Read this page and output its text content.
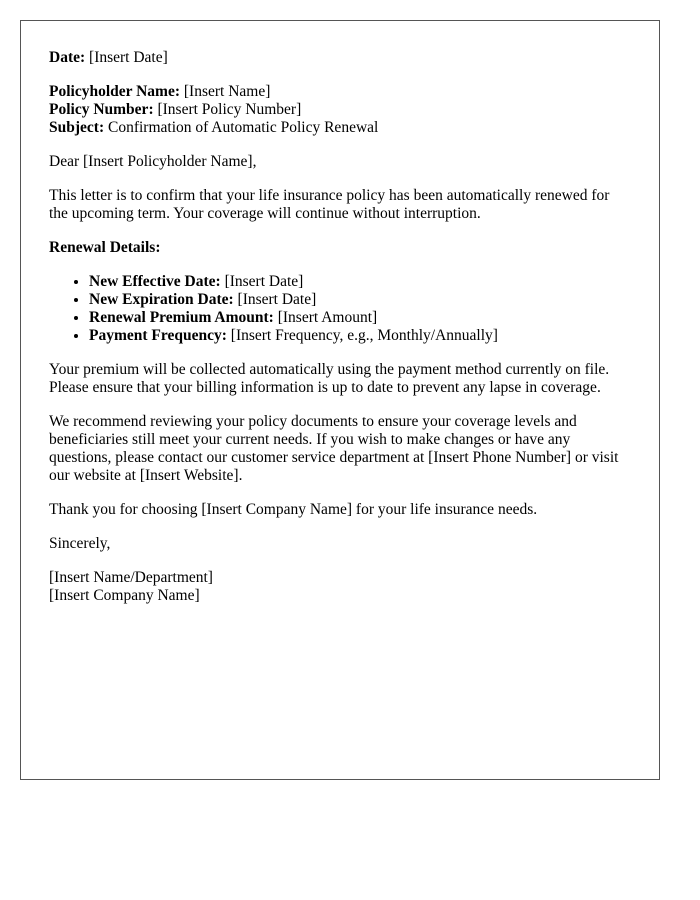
Date: [Insert Date]

Policyholder Name: [Insert Name]
Policy Number: [Insert Policy Number]
Subject: Confirmation of Automatic Policy Renewal

Dear [Insert Policyholder Name],

This letter is to confirm that your life insurance policy has been automatically renewed for the upcoming term. Your coverage will continue without interruption.

Renewal Details:

• New Effective Date: [Insert Date]
• New Expiration Date: [Insert Date]
• Renewal Premium Amount: [Insert Amount]
• Payment Frequency: [Insert Frequency, e.g., Monthly/Annually]

Your premium will be collected automatically using the payment method currently on file. Please ensure that your billing information is up to date to prevent any lapse in coverage.

We recommend reviewing your policy documents to ensure your coverage levels and beneficiaries still meet your current needs. If you wish to make changes or have any questions, please contact our customer service department at [Insert Phone Number] or visit our website at [Insert Website].

Thank you for choosing [Insert Company Name] for your life insurance needs.

Sincerely,

[Insert Name/Department]
[Insert Company Name]
